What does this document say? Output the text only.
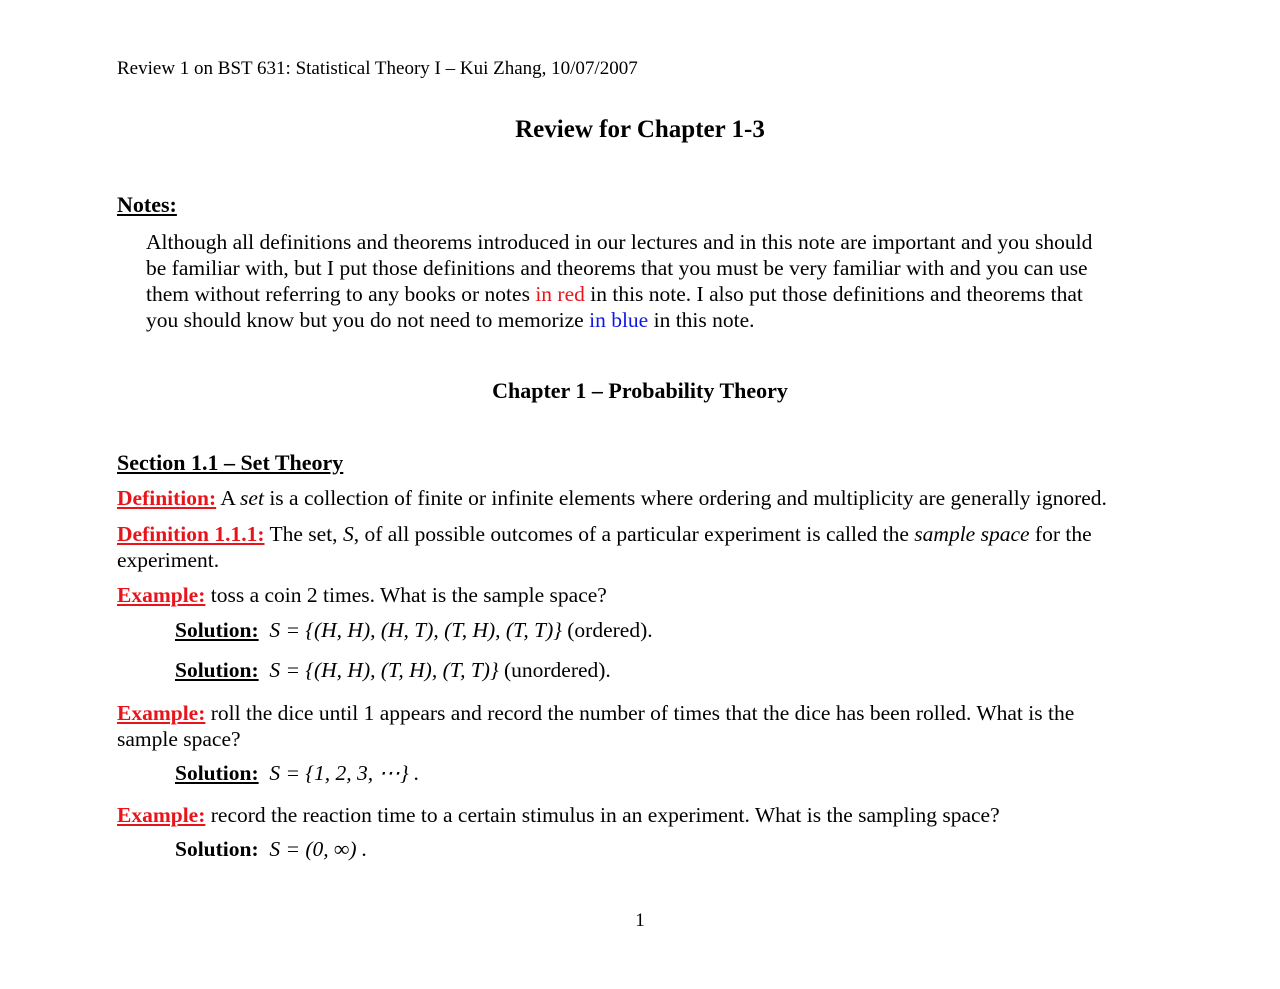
Review 1 on BST 631: Statistical Theory I – Kui Zhang, 10/07/2007
Review for Chapter 1-3
Notes:
Although all definitions and theorems introduced in our lectures and in this note are important and you should
be familiar with, but I put those definitions and theorems that you must be very familiar with and you can use
them without referring to any books or notes in red in this note. I also put those definitions and theorems that
you should know but you do not need to memorize in blue in this note.
Chapter 1 – Probability Theory
Section 1.1 – Set Theory
Definition: A set is a collection of finite or infinite elements where ordering and multiplicity are generally ignored.
Definition 1.1.1: The set, S, of all possible outcomes of a particular experiment is called the sample space for the
experiment.
Example: toss a coin 2 times. What is the sample space?
Solution: S = {(H, H), (H, T), (T, H), (T, T)} (ordered).
Solution: S = {(H, H), (T, H), (T, T)} (unordered).
Example: roll the dice until 1 appears and record the number of times that the dice has been rolled. What is the
sample space?
Solution: S = {1, 2, 3, ⋯} .
Example: record the reaction time to a certain stimulus in an experiment. What is the sampling space?
Solution: S = (0, ∞) .
1
